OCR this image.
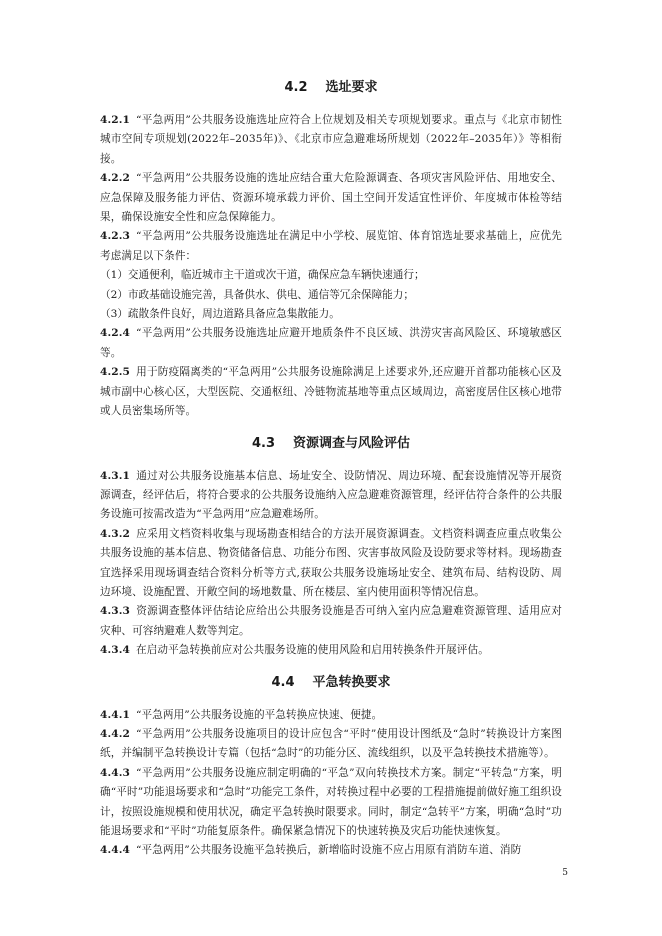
4.2 选址要求

4.2.1 “平急两用”公共服务设施选址应符合上位规划及相关专项规划要求。重点与《北京市韧性城市空间专项规划(2022年–2035年)》、《北京市应急避难场所规划（2022年–2035年）》等相衔接。

4.2.2 “平急两用”公共服务设施的选址应结合重大危险源调查、各项灾害风险评估、用地安全、应急保障及服务能力评估、资源环境承载力评价、国土空间开发适宜性评价、年度城市体检等结果，确保设施安全性和应急保障能力。

4.2.3 “平急两用”公共服务设施选址在满足中小学校、展览馆、体育馆选址要求基础上，应优先考虑满足以下条件：

（1）交通便利，临近城市主干道或次干道，确保应急车辆快速通行；

（2）市政基础设施完善，具备供水、供电、通信等冗余保障能力；

（3）疏散条件良好，周边道路具备应急集散能力。

4.2.4 “平急两用”公共服务设施选址应避开地质条件不良区域、洪涝灾害高风险区、环境敏感区等。

4.2.5 用于防疫隔离类的“平急两用”公共服务设施除满足上述要求外,还应避开首都功能核心区及城市副中心核心区，大型医院、交通枢纽、冷链物流基地等重点区域周边，高密度居住区核心地带或人员密集场所等。

4.3 资源调查与风险评估

4.3.1 通过对公共服务设施基本信息、场址安全、设防情况、周边环境、配套设施情况等开展资源调查，经评估后，将符合要求的公共服务设施纳入应急避难资源管理，经评估符合条件的公共服务设施可按需改造为“平急两用”应急避难场所。

4.3.2 应采用文档资料收集与现场勘查相结合的方法开展资源调查。文档资料调查应重点收集公共服务设施的基本信息、物资储备信息、功能分布图、灾害事故风险及设防要求等材料。现场勘查宜选择采用现场调查结合资料分析等方式,获取公共服务设施场址安全、建筑布局、结构设防、周边环境、设施配置、开敞空间的场地数量、所在楼层、室内使用面积等情况信息。

4.3.3 资源调查整体评估结论应给出公共服务设施是否可纳入室内应急避难资源管理、适用应对灾种、可容纳避难人数等判定。

4.3.4 在启动平急转换前应对公共服务设施的使用风险和启用转换条件开展评估。

4.4 平急转换要求

4.4.1 “平急两用”公共服务设施的平急转换应快速、便捷。

4.4.2 “平急两用”公共服务设施项目的设计应包含“平时”使用设计图纸及“急时”转换设计方案图纸，并编制平急转换设计专篇（包括“急时”的功能分区、流线组织，以及平急转换技术措施等）。

4.4.3 “平急两用”公共服务设施应制定明确的“平急”双向转换技术方案。制定“平转急”方案，明确“平时”功能退场要求和“急时”功能完工条件，对转换过程中必要的工程措施提前做好施工组织设计，按照设施规模和使用状况，确定平急转换时限要求。同时，制定“急转平”方案，明确“急时”功能退场要求和“平时”功能复原条件。确保紧急情况下的快速转换及灾后功能快速恢复。

4.4.4 “平急两用”公共服务设施平急转换后，新增临时设施不应占用原有消防车道、消防

5
